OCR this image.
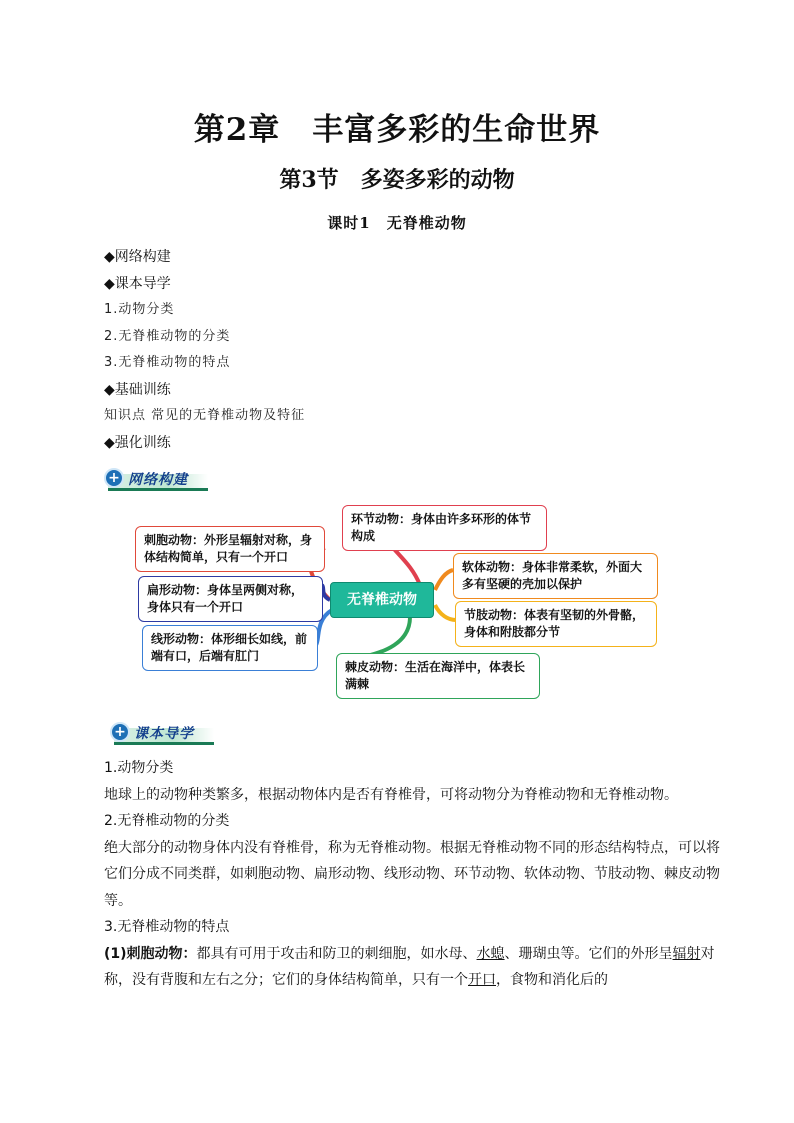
第2章　丰富多彩的生命世界
第3节　多姿多彩的动物
课时1　无脊椎动物
◆网络构建
◆课本导学
1.动物分类
2.无脊椎动物的分类
3.无脊椎动物的特点
◆基础训练
知识点 常见的无脊椎动物及特征
◆强化训练
+ 网络构建
无脊椎动物
刺胞动物：外形呈辐射对称，身体结构简单，只有一个开口
扁形动物：身体呈两侧对称，身体只有一个开口
线形动物：体形细长如线，前端有口，后端有肛门
环节动物：身体由许多环形的体节构成
软体动物：身体非常柔软，外面大多有坚硬的壳加以保护
节肢动物：体表有坚韧的外骨骼，身体和附肢都分节
棘皮动物：生活在海洋中，体表长满棘
+ 课本导学
1.动物分类
地球上的动物种类繁多，根据动物体内是否有脊椎骨，可将动物分为脊椎动物和无脊椎动物。
2.无脊椎动物的分类
绝大部分的动物身体内没有脊椎骨，称为无脊椎动物。根据无脊椎动物不同的形态结构特点，可以将它们分成不同类群，如刺胞动物、扁形动物、线形动物、环节动物、软体动物、节肢动物、棘皮动物等。
3.无脊椎动物的特点
(1)刺胞动物：都具有可用于攻击和防卫的刺细胞，如水母、水螅、珊瑚虫等。它们的外形呈辐射对称，没有背腹和左右之分；它们的身体结构简单，只有一个开口，食物和消化后的
